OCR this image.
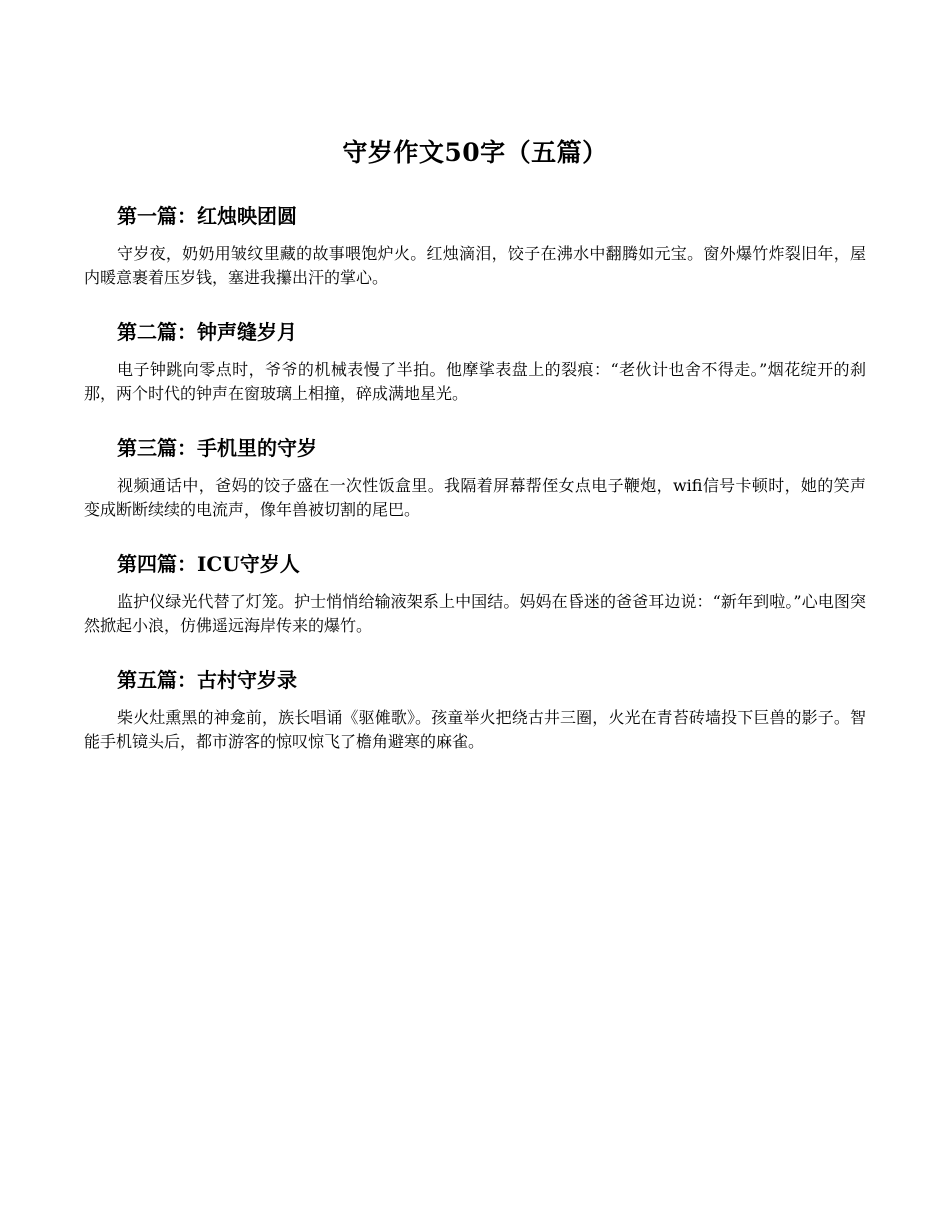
守岁作文50字（五篇）
第一篇：红烛映团圆

守岁夜，奶奶用皱纹里藏的故事喂饱炉火。红烛滴泪，饺子在沸水中翻腾如元宝。窗外爆竹炸裂旧年，屋内暖意裹着压岁钱，塞进我攥出汗的掌心。

第二篇：钟声缝岁月

电子钟跳向零点时，爷爷的机械表慢了半拍。他摩挲表盘上的裂痕：“老伙计也舍不得走。”烟花绽开的刹那，两个时代的钟声在窗玻璃上相撞，碎成满地星光。

第三篇：手机里的守岁

视频通话中，爸妈的饺子盛在一次性饭盒里。我隔着屏幕帮侄女点电子鞭炮，wifi信号卡顿时，她的笑声变成断断续续的电流声，像年兽被切割的尾巴。

第四篇：ICU守岁人

监护仪绿光代替了灯笼。护士悄悄给输液架系上中国结。妈妈在昏迷的爸爸耳边说：“新年到啦。”心电图突然掀起小浪，仿佛遥远海岸传来的爆竹。

第五篇：古村守岁录

柴火灶熏黑的神龛前，族长唱诵《驱傩歌》。孩童举火把绕古井三圈，火光在青苔砖墙投下巨兽的影子。智能手机镜头后，都市游客的惊叹惊飞了檐角避寒的麻雀。
